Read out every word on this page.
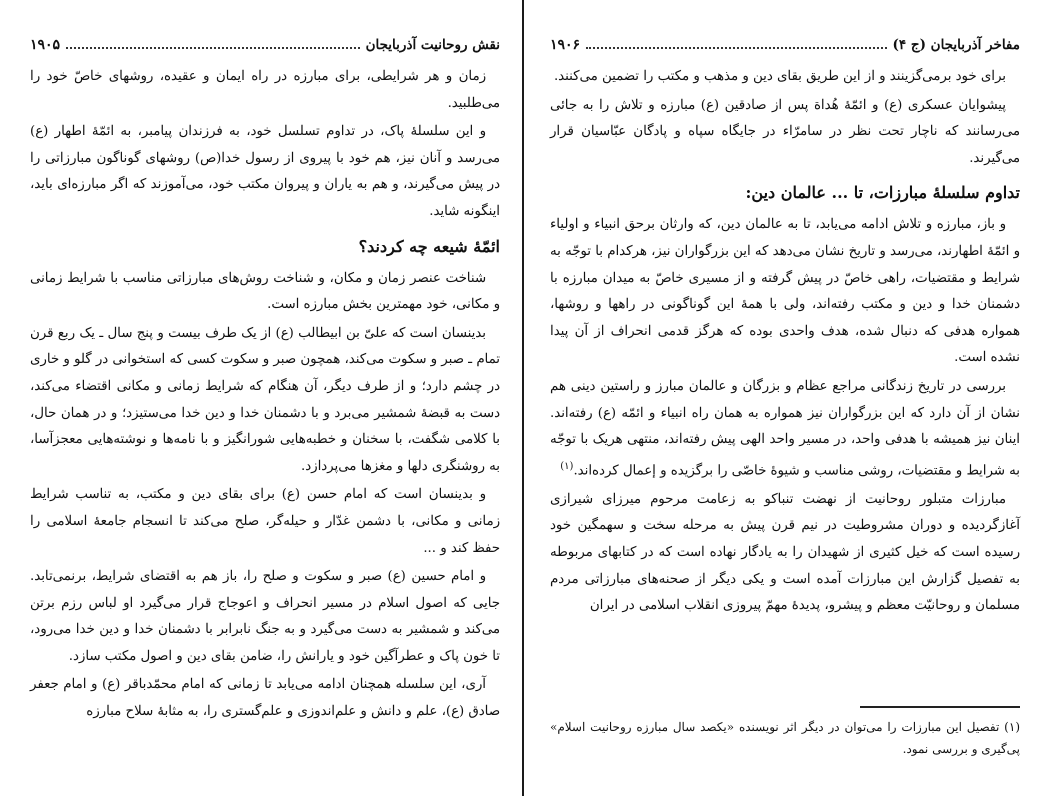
نقش روحانیت آذربایجان
۱۹۰۵

زمان و هر شرایطی، برای مبارزه در راه ایمان و عقیده، روشهای خاصّ خود را می‌طلبید.

و این سلسلهٔ پاک، در تداوم تسلسل خود، به فرزندان پیامبر، به ائمّهٔ اطهار (ع) می‌رسد و آنان نیز، هم خود با پیروی از رسول خدا(ص) روشهای گوناگون مبارزاتی را در پیش می‌گیرند، و هم به یاران و پیروان مکتب خود، می‌آموزند که اگر مبارزه‌ای باید، اینگونه شاید.

ائمّهٔ شیعه چه کردند؟

شناخت عنصر زمان و مکان، و شناخت روش‌های مبارزاتی مناسب با شرایط زمانی و مکانی، خود مهمترین بخش مبارزه است.

بدینسان است که علیّ بن ابیطالب (ع) از یک طرف بیست و پنج سال ـ یک ربع قرن تمام ـ صبر و سکوت می‌کند، همچون صبر و سکوت کسی که استخوانی در گلو و خاری در چشم دارد؛ و از طرف دیگر، آن هنگام که شرایط زمانی و مکانی اقتضاء می‌کند، دست به قبضهٔ شمشیر می‌برد و با دشمنان خدا و دین خدا می‌ستیزد؛ و در همان حال، با کلامی شگفت، با سخنان و خطبه‌هایی شورانگیز و با نامه‌ها و نوشته‌هایی معجزآسا، به روشنگری دلها و مغزها می‌پردازد.

و بدینسان است که امام حسن (ع) برای بقای دین و مکتب، به تناسب شرایط زمانی و مکانی، با دشمن غدّار و حیله‌گر، صلح می‌کند تا انسجام جامعهٔ اسلامی را حفظ کند و ...

و امام حسین (ع) صبر و سکوت و صلح را، باز هم به اقتضای شرایط، برنمی‌تابد. جایی که اصول اسلام در مسیر انحراف و اعوجاج قرار می‌گیرد او لباس رزم برتن می‌کند و شمشیر به دست می‌گیرد و به جنگ نابرابر با دشمنان خدا و دین خدا می‌رود، تا خون پاک و عطرآگین خود و یارانش را، ضامن بقای دین و اصول مکتب سازد.

آری، این سلسله همچنان ادامه می‌یابد تا زمانی که امام محمّدباقر (ع) و امام جعفر صادق (ع)، علم و دانش و علم‌اندوزی و علم‌گستری را، به مثابهٔ سلاح مبارزه

۱۹۰۶	مفاخر آذربایجان (ج ۴)

برای خود برمی‌گزینند و از این طریق بقای دین و مذهب و مکتب را تضمین می‌کنند.

پیشوایان عسکری (ع) و ائمّهٔ هُداة پس از صادقین (ع) مبارزه و تلاش را به جائی می‌رسانند که ناچار تحت نظر در سامرّاء در جایگاه سپاه و پادگان عبّاسیان قرار می‌گیرند.

تداوم سلسلهٔ مبارزات، تا ... عالمان دین:

و باز، مبارزه و تلاش ادامه می‌یابد، تا به عالمان دین، که وارثان برحق انبیاء و اولیاء و ائمّهٔ اطهارند، می‌رسد و تاریخ نشان می‌دهد که این بزرگواران نیز، هرکدام با توجّه به شرایط و مقتضیات، راهی خاصّ در پیش گرفته و از مسیری خاصّ به میدان مبارزه با دشمنان خدا و دین و مکتب رفته‌اند، ولی با همهٔ این گوناگونی در راهها و روشها، همواره هدفی که دنبال شده، هدف واحدی بوده که هرگز قدمی انحراف از آن پیدا نشده است.

بررسی در تاریخ زندگانی مراجع عظام و بزرگان و عالمان مبارز و راستین دینی هم نشان از آن دارد که این بزرگواران نیز همواره به همان راه انبیاء و ائمّه (ع) رفته‌اند. اینان نیز همیشه با هدفی واحد، در مسیر واحد الهی پیش رفته‌اند، منتهی هریک با توجّه به شرایط و مقتضیات، روشی مناسب و شیوهٔ خاصّی را برگزیده و إعمال کرده‌اند.$^{(۱)}$

مبارزات متبلور روحانیت از نهضت تنباکو به زعامت مرحوم میرزای شیرازی آغازگردیده و دوران مشروطیت در نیم قرن پیش به مرحله سخت و سهمگین خود رسیده است که خیل کثیری از شهیدان را به یادگار نهاده است که در کتابهای مربوطه به تفصیل گزارش این مبارزات آمده است و یکی دیگر از صحنه‌های مبارزاتی مردم مسلمان و روحانیّت معظم و پیشرو، پدیدهٔ مهمّ پیروزی انقلاب اسلامی در ایران

(۱) تفصیل این مبارزات را می‌توان در دیگر اثر نویسنده «یکصد سال مبارزه روحانیت اسلام» پی‌گیری و بررسی نمود.
